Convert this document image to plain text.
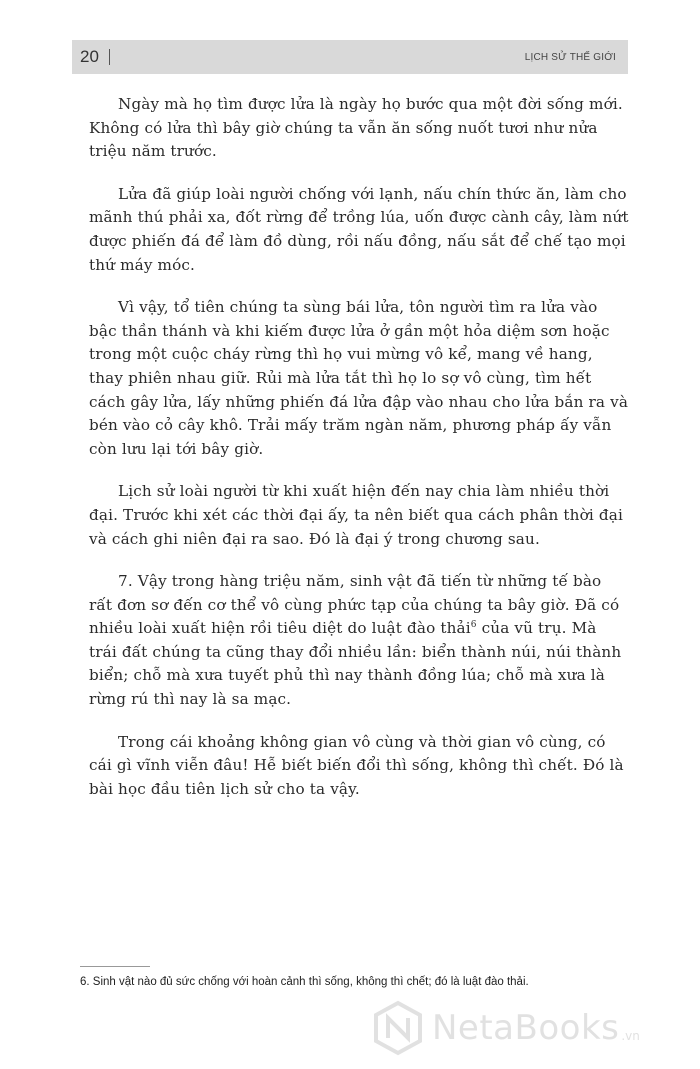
20	LỊCH SỬ THẾ GIỚI

Ngày mà họ tìm được lửa là ngày họ bước qua một đời sống mới. Không có lửa thì bây giờ chúng ta vẫn ăn sống nuốt tươi như nửa triệu năm trước.

Lửa đã giúp loài người chống với lạnh, nấu chín thức ăn, làm cho mãnh thú phải xa, đốt rừng để trồng lúa, uốn được cành cây, làm nứt được phiến đá để làm đồ dùng, rồi nấu đồng, nấu sắt để chế tạo mọi thứ máy móc.

Vì vậy, tổ tiên chúng ta sùng bái lửa, tôn người tìm ra lửa vào bậc thần thánh và khi kiếm được lửa ở gần một hỏa diệm sơn hoặc trong một cuộc cháy rừng thì họ vui mừng vô kể, mang về hang, thay phiên nhau giữ. Rủi mà lửa tắt thì họ lo sợ vô cùng, tìm hết cách gây lửa, lấy những phiến đá lửa đập vào nhau cho lửa bắn ra và bén vào cỏ cây khô. Trải mấy trăm ngàn năm, phương pháp ấy vẫn còn lưu lại tới bây giờ.

Lịch sử loài người từ khi xuất hiện đến nay chia làm nhiều thời đại. Trước khi xét các thời đại ấy, ta nên biết qua cách phân thời đại và cách ghi niên đại ra sao. Đó là đại ý trong chương sau.

7. Vậy trong hàng triệu năm, sinh vật đã tiến từ những tế bào rất đơn sơ đến cơ thể vô cùng phức tạp của chúng ta bây giờ. Đã có nhiều loài xuất hiện rồi tiêu diệt do luật đào thải$^6$ của vũ trụ. Mà trái đất chúng ta cũng thay đổi nhiều lần: biển thành núi, núi thành biển; chỗ mà xưa tuyết phủ thì nay thành đồng lúa; chỗ mà xưa là rừng rú thì nay là sa mạc.

Trong cái khoảng không gian vô cùng và thời gian vô cùng, có cái gì vĩnh viễn đâu! Hễ biết biến đổi thì sống, không thì chết. Đó là bài học đầu tiên lịch sử cho ta vậy.

6. Sinh vật nào đủ sức chống với hoàn cảnh thì sống, không thì chết; đó là luật đào thải.
NetaBooks .vn
